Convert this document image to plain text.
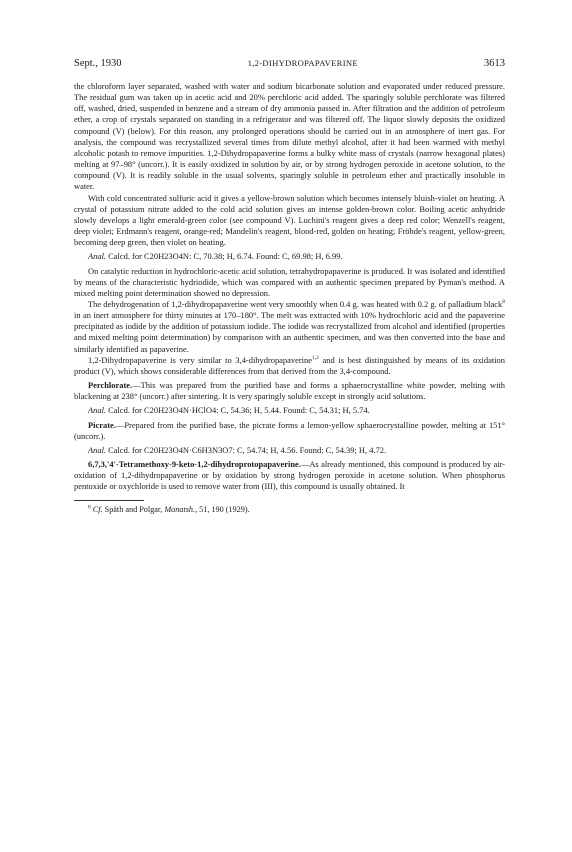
Sept., 1930	1,2-DIHYDROPAPAVERINE	3613

the chloroform layer separated, washed with water and sodium bicarbonate solution and evaporated under reduced pressure. The residual gum was taken up in acetic acid and 20% perchloric acid added. The sparingly soluble perchlorate was filtered off, washed, dried, suspended in benzene and a stream of dry ammonia passed in. After filtration and the addition of petroleum ether, a crop of crystals separated on standing in a refrigerator and was filtered off. The liquor slowly deposits the oxidized compound (V) (below). For this reason, any prolonged operations should be carried out in an atmosphere of inert gas. For analysis, the compound was recrystallized several times from dilute methyl alcohol, after it had been warmed with methyl alcoholic potash to remove impurities. 1,2-Dihydropapaverine forms a bulky white mass of crystals (narrow hexagonal plates) melting at 97–98° (uncorr.). It is easily oxidized in solution by air, or by strong hydrogen peroxide in acetone solution, to the compound (V). It is readily soluble in the usual solvents, sparingly soluble in petroleum ether and practically insoluble in water.

With cold concentrated sulfuric acid it gives a yellow-brown solution which becomes intensely bluish-violet on heating. A crystal of potassium nitrate added to the cold acid solution gives an intense golden-brown color. Boiling acetic anhydride slowly develops a light emerald-green color (see compound V). Luchini's reagent gives a deep red color; Wenzell's reagent, deep violet; Erdmann's reagent, orange-red; Mandelin's reagent, blood-red, golden on heating; Fröhde's reagent, yellow-green, becoming deep green, then violet on heating.

Anal. Calcd. for C20H23O4N: C, 70.38; H, 6.74. Found: C, 69.98; H, 6.99.

On catalytic reduction in hydrochloric-acetic acid solution, tetrahydropapaverine is produced. It was isolated and identified by means of the characteristic hydriodide, which was compared with an authentic specimen prepared by Pyman's method. A mixed melting point determination showed no depression.

The dehydrogenation of 1,2-dihydropapaverine went very smoothly when 0.4 g. was heated with 0.2 g. of palladium black$^8$ in an inert atmosphere for thirty minutes at 170–180°. The melt was extracted with 10% hydrochloric acid and the papaverine precipitated as iodide by the addition of potassium iodide. The iodide was recrystallized from alcohol and identified (properties and mixed melting point determination) by comparison with an authentic specimen, and was then converted into the base and similarly identified as papaverine.

1,2-Dihydropapaverine is very similar to 3,4-dihydropapaverine$^{1,2}$ and is best distinguished by means of its oxidation product (V), which shows considerable differences from that derived from the 3,4-compound.

Perchlorate.—This was prepared from the purified base and forms a sphaerocrystalline white powder, melting with blackening at 238° (uncorr.) after sintering. It is very sparingly soluble except in strongly acid solutions.

Anal. Calcd. for C20H23O4N·HClO4: C, 54.36; H, 5.44. Found: C, 54.31; H, 5.74.

Picrate.—Prepared from the purified base, the picrate forms a lemon-yellow sphaerocrystalline powder, melting at 151° (uncorr.).

Anal. Calcd. for C20H23O4N·C6H3N3O7: C, 54.74; H, 4.56. Found: C, 54.39; H, 4.72.

6,7,3,'4'-Tetramethoxy-9-keto-1,2-dihydroprotopapaverine.—As already mentioned, this compound is produced by air-oxidation of 1,2-dihydropapaverine or by oxidation by strong hydrogen peroxide in acetone solution. When phosphorus pentoxide or oxychloride is used to remove water from (III), this compound is usually obtained. It

$^8$ Cf. Späth and Polgar, Monatsh., 51, 190 (1929).
